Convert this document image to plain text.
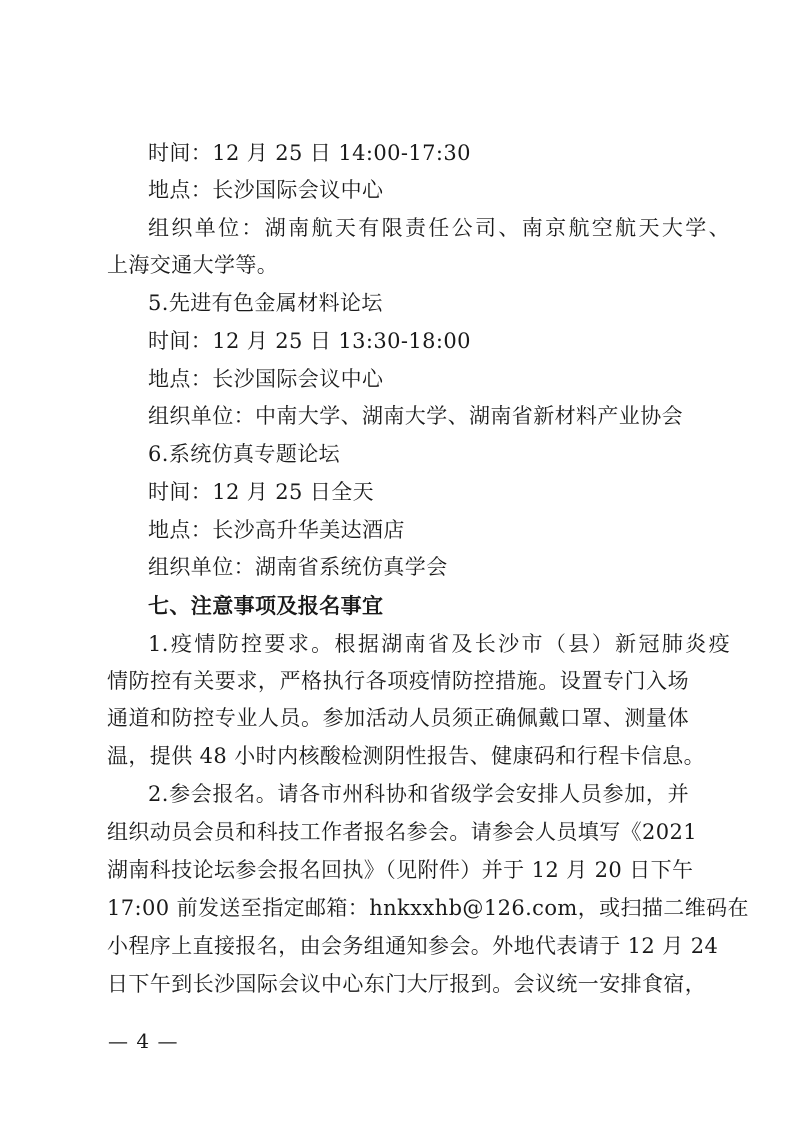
时间：12 月 25 日 14:00-17:30
地点：长沙国际会议中心
组织单位：湖南航天有限责任公司、南京航空航天大学、
上海交通大学等。
5.先进有色金属材料论坛
时间：12 月 25 日 13:30-18:00
地点：长沙国际会议中心
组织单位：中南大学、湖南大学、湖南省新材料产业协会
6.系统仿真专题论坛
时间：12 月 25 日全天
地点：长沙高升华美达酒店
组织单位：湖南省系统仿真学会
七、注意事项及报名事宜
1.疫情防控要求。根据湖南省及长沙市（县）新冠肺炎疫
情防控有关要求，严格执行各项疫情防控措施。设置专门入场
通道和防控专业人员。参加活动人员须正确佩戴口罩、测量体
温，提供 48 小时内核酸检测阴性报告、健康码和行程卡信息。
2.参会报名。请各市州科协和省级学会安排人员参加，并
组织动员会员和科技工作者报名参会。请参会人员填写《2021
湖南科技论坛参会报名回执》（见附件）并于 12 月 20 日下午
17:00 前发送至指定邮箱：hnkxxhb@126.com，或扫描二维码在
小程序上直接报名，由会务组通知参会。外地代表请于 12 月 24
日下午到长沙国际会议中心东门大厅报到。会议统一安排食宿，
— 4 —
